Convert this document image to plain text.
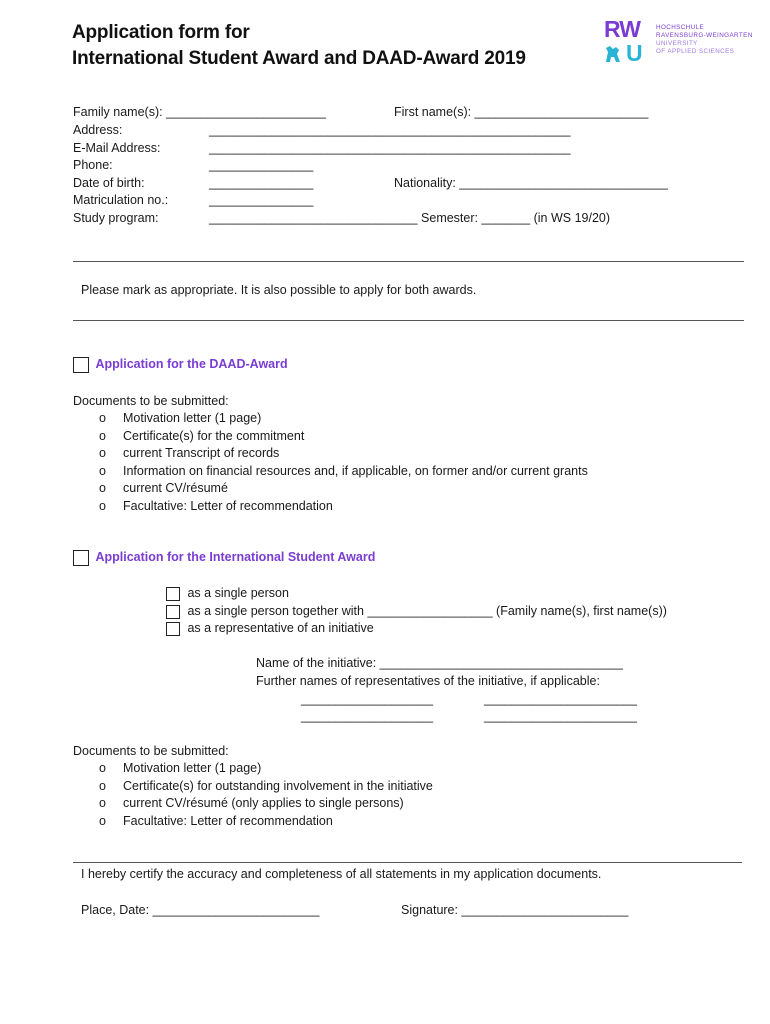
Application form for
International Student Award and DAAD-Award 2019
RW
U
HOCHSCHULE
RAVENSBURG-WEINGARTEN
UNIVERSITY
OF APPLIED SCIENCES
Family name(s): _______________________	First name(s): _________________________
Address:	____________________________________________________
E-Mail Address:	____________________________________________________
Phone:	_______________
Date of birth:	_______________	Nationality: ______________________________
Matriculation no.:	_______________
Study program:	______________________________ Semester: _______ (in WS 19/20)
Please mark as appropriate. It is also possible to apply for both awards.
Application for the DAAD-Award
Documents to be submitted:
o Motivation letter (1 page)
o Certificate(s) for the commitment
o current Transcript of records
o Information on financial resources and, if applicable, on former and/or current grants
o current CV/résumé
o Facultative: Letter of recommendation
Application for the International Student Award
as a single person
as a single person together with __________________ (Family name(s), first name(s))
as a representative of an initiative
Name of the initiative: ___________________________________
Further names of representatives of the initiative, if applicable:
___________________	______________________
___________________	______________________
Documents to be submitted:
o Motivation letter (1 page)
o Certificate(s) for outstanding involvement in the initiative
o current CV/résumé (only applies to single persons)
o Facultative: Letter of recommendation
I hereby certify the accuracy and completeness of all statements in my application documents.
Place, Date: ________________________	Signature: ________________________
